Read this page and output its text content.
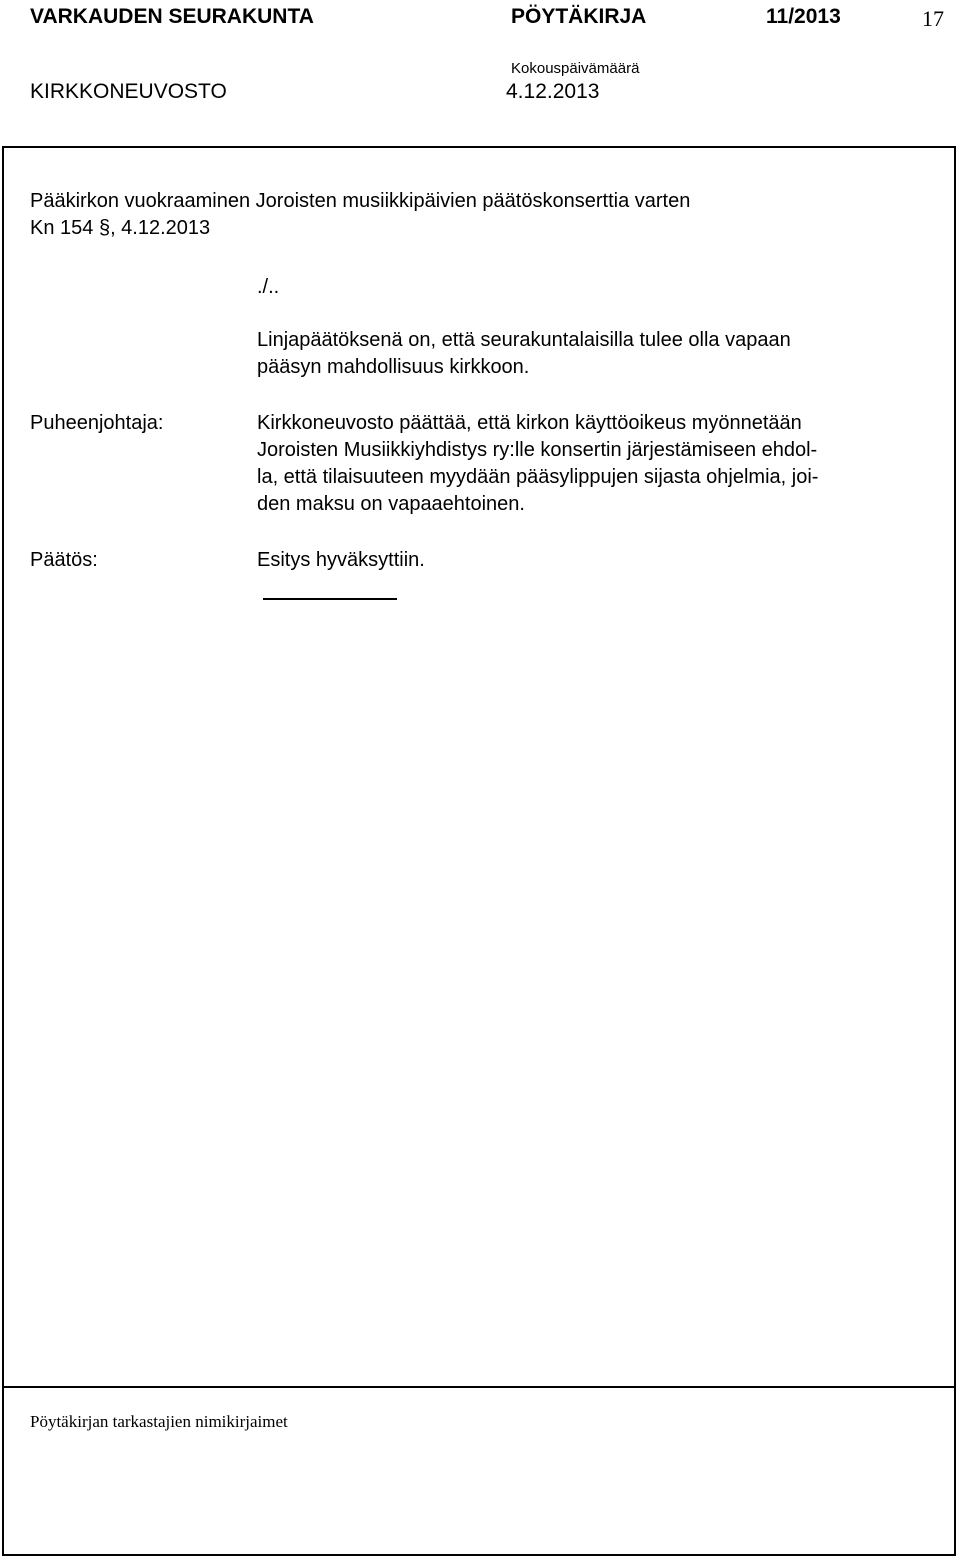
VARKAUDEN SEURAKUNTA	PÖYTÄKIRJA	11/2013	17
Kokouspäivämäärä
KIRKKONEUVOSTO	4.12.2013
Pääkirkon vuokraaminen Joroisten musiikkipäivien päätöskonserttia varten
Kn 154 §, 4.12.2013
./..
Linjapäätöksenä on, että seurakuntalaisilla tulee olla vapaan
pääsyn mahdollisuus kirkkoon.
Puheenjohtaja:	Kirkkoneuvosto päättää, että kirkon käyttöoikeus myönnetään
Joroisten Musiikkiyhdistys ry:lle konsertin järjestämiseen ehdol-
la, että tilaisuuteen myydään pääsylippujen sijasta ohjelmia, joi-
den maksu on vapaaehtoinen.
Päätös:	Esitys hyväksyttiin.
Pöytäkirjan tarkastajien nimikirjaimet
